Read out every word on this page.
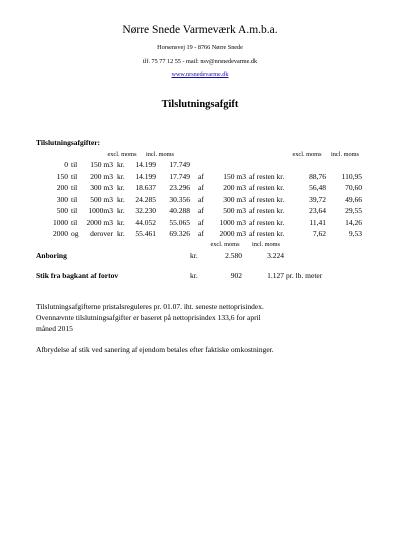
Nørre Snede Varmeværk A.m.b.a.
Horsensvej 19 - 8766 Nørre Snede
tlf. 75 77 12 55 - mail: nsv@nrsnedevarme.dk
www.nrsnedevarme.dk
Tilslutningsafgift
Tilslutningsafgifter:
excl. moms	incl. moms	excl. moms	incl. moms
0 til	150 m3 kr.	14.199	17.749
150 til	200 m3 kr.	14.199	17.749 af	150 m3 af resten kr.	88,76	110,95
200 til	300 m3 kr.	18.637	23.296 af	200 m3 af resten kr.	56,48	70,60
300 til	500 m3 kr.	24.285	30.356 af	300 m3 af resten kr.	39,72	49,66
500 til	1000m3 kr.	32.230	40.288 af	500 m3 af resten kr.	23,64	29,55
1000 til	2000 m3 kr.	44.052	55.065 af	1000 m3 af resten kr.	11,41	14,26
2000 og	derover kr.	55.461	69.326 af	2000 m3 af resten kr.	7,62	9,53
excl. moms	incl. moms
Anboring	kr.	2.580	3.224
Stik fra bagkant af fortov	kr.	902	1.127 pr. lb. meter
Tilslutningsafgifterne pristalsreguleres pr. 01.07. iht. seneste nettoprisindex.
Ovennævnte tilslutningsafgifter er baseret på nettoprisindex 133,6 for april
måned 2015
Afbrydelse af stik ved sanering af ejendom betales efter faktiske omkostninger.
